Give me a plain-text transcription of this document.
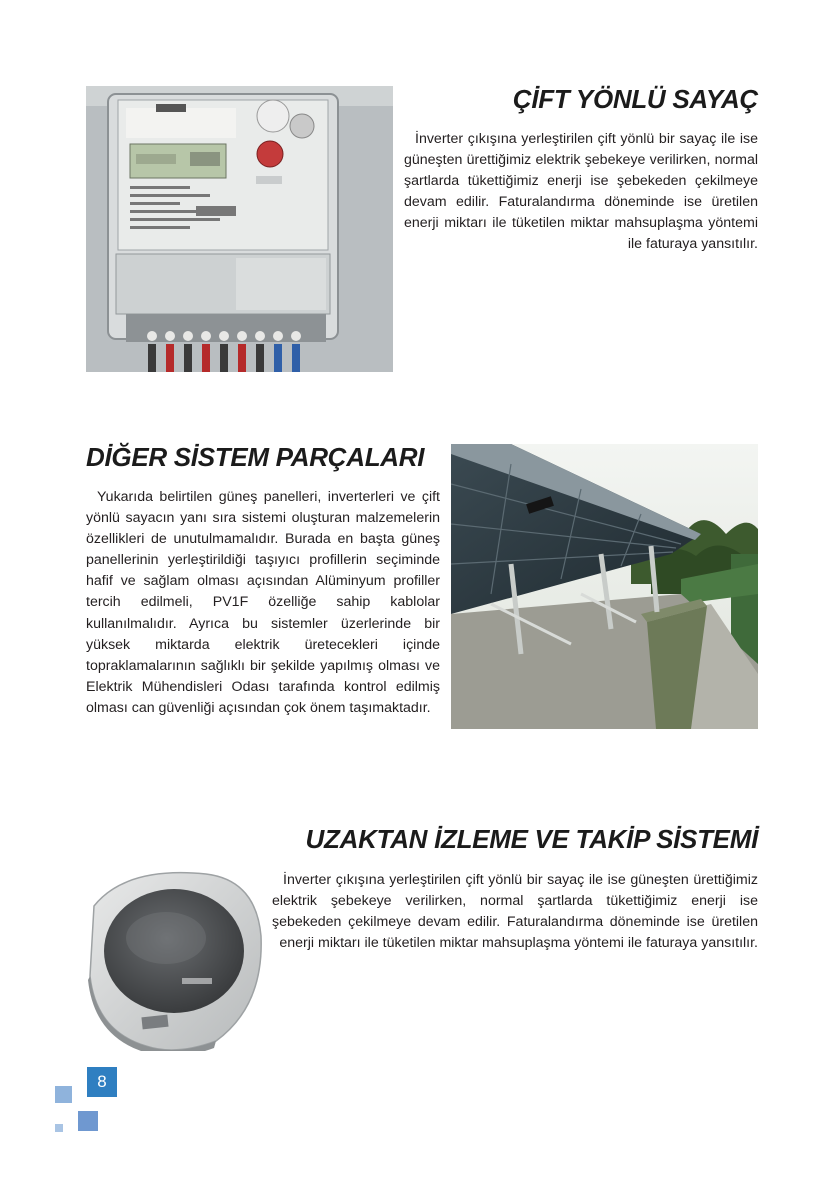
ÇİFT YÖNLÜ SAYAÇ

İnverter çıkışına yerleştirilen çift yönlü bir sayaç ile ise güneşten ürettiğimiz elektrik şebekeye verilirken, normal şartlarda tükettiğimiz enerji ise şebekeden çekilmeye devam edilir. Faturalandırma döneminde ise üretilen enerji miktarı ile tüketilen miktar mahsuplaşma yöntemi ile faturaya yansıtılır.

DİĞER SİSTEM PARÇALARI

Yukarıda belirtilen güneş panelleri, inverterleri ve çift yönlü sayacın yanı sıra sistemi oluşturan malzemelerin özellikleri de unutulmamalıdır. Burada en başta güneş panellerinin yerleştirildiği taşıyıcı profillerin seçiminde hafif ve sağlam olması açısından Alüminyum profiller tercih edilmeli, PV1F özelliğe sahip kablolar kullanılmalıdır. Ayrıca bu sistemler üzerlerinde bir yüksek miktarda elektrik üretecekleri içinde topraklamalarının sağlıklı bir şekilde yapılmış olması ve Elektrik Mühendisleri Odası tarafında kontrol edilmiş olması can güvenliği açısından çok önem taşımaktadır.

UZAKTAN İZLEME VE TAKİP SİSTEMİ

İnverter çıkışına yerleştirilen çift yönlü bir sayaç ile ise güneşten ürettiğimiz elektrik şebekeye verilirken, normal şartlarda tükettiğimiz enerji ise şebekeden çekilmeye devam edilir. Faturalandırma döneminde ise üretilen enerji miktarı ile tüketilen miktar mahsuplaşma yöntemi ile faturaya yansıtılır.

8
